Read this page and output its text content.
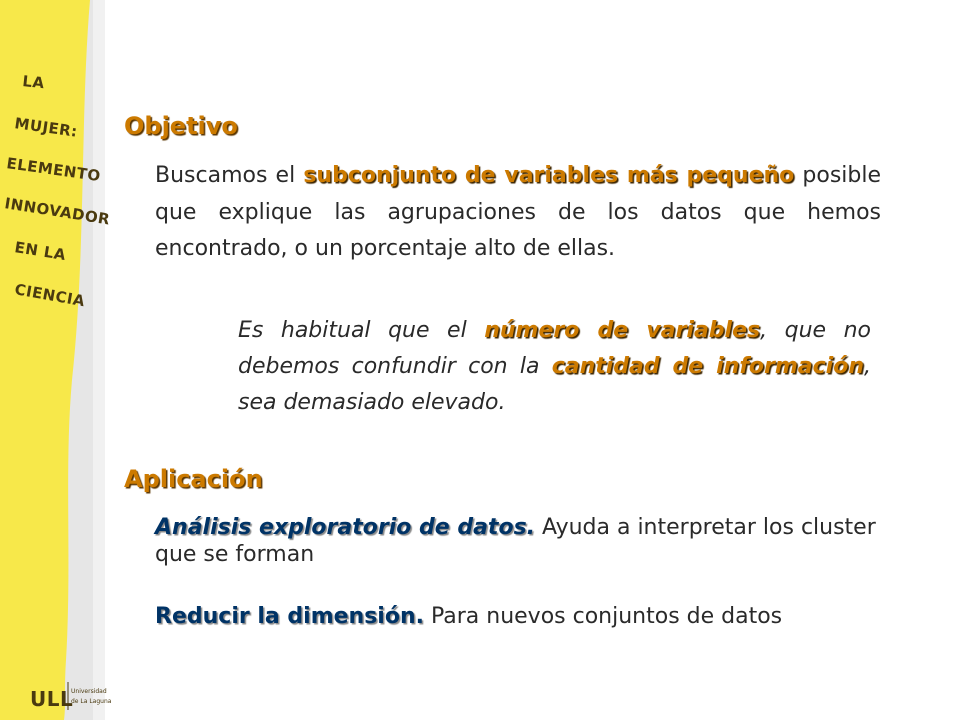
LA
MUJER:
ELEMENTO
INNOVADOR
EN LA
CIENCIA
ULL
Universidad
de La Laguna
Objetivo

Buscamos el subconjunto de variables más pequeño posible que explique las agrupaciones de los datos que hemos encontrado, o un porcentaje alto de ellas.

Es habitual que el número de variables, que no debemos confundir con la cantidad de información, sea demasiado elevado.

Aplicación

Análisis exploratorio de datos. Ayuda a interpretar los cluster que se forman

Reducir la dimensión. Para nuevos conjuntos de datos
